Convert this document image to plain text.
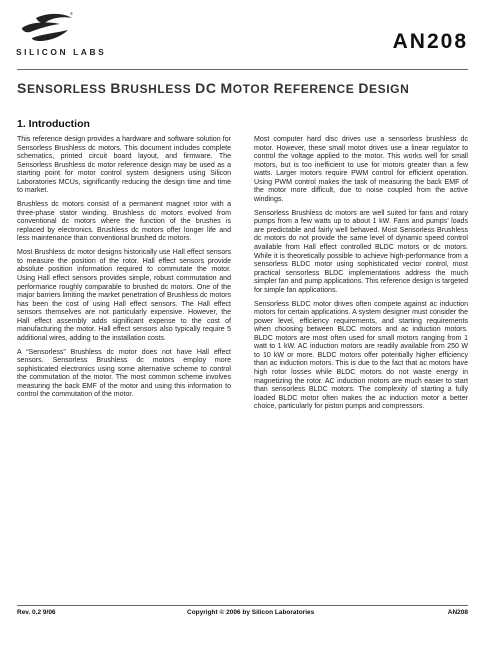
®
SILICON LABS	AN208
SENSORLESS BRUSHLESS DC MOTOR REFERENCE DESIGN
1. Introduction

This reference design provides a hardware and software solution for Sensorless Brushless dc motors. This document includes complete schematics, printed circuit board layout, and firmware. The Sensorless Brushless dc motor reference design may be used as a starting point for motor control system designers using Silicon Laboratories MCUs, significantly reducing the design time and time to market.

Brushless dc motors consist of a permanent magnet rotor with a three-phase stator winding. Brushless dc motors evolved from conventional dc motors where the function of the brushes is replaced by electronics. Brushless dc motors offer longer life and less maintenance than conventional brushed dc motors.

Most Brushless dc motor designs historically use Hall effect sensors to measure the position of the rotor. Hall effect sensors provide absolute position information required to commutate the motor. Using Hall effect sensors provides simple, robust commutation and performance roughly comparable to brushed dc motors. One of the major barriers limiting the market penetration of Brushless dc motors has been the cost of using Hall effect sensors. The Hall effect sensors themselves are not particularly expensive. However, the Hall effect assembly adds significant expense to the cost of manufacturing the motor. Hall effect sensors also typically require 5 additional wires, adding to the installation costs.

A “Sensorless” Brushless dc motor does not have Hall effect sensors. Sensorless Brushless dc motors employ more sophisticated electronics using some alternative scheme to control the commutation of the motor. The most common scheme involves measuring the back EMF of the motor and using this information to control the commutation of the motor.

Most computer hard disc drives use a sensorless brushless dc motor. However, these small motor drives use a linear regulator to control the voltage applied to the motor. This works well for small motors, but is too inefficient to use for motors greater than a few watts. Larger motors require PWM control for efficient operation. Using PWM control makes the task of measuring the back EMF of the motor more difficult, due to noise coupled from the active windings.

Sensorless Brushless dc motors are well suited for fans and rotary pumps from a few watts up to about 1 kW. Fans and pumps’ loads are predictable and fairly well behaved. Most Sensorless Brushless dc motors do not provide the same level of dynamic speed control available from Hall effect controlled BLDC motors or dc motors. While it is theoretically possible to achieve high-performance from a sensorless BLDC motor using sophisticated vector control, most practical sensorless BLDC implementations address the much simpler fan and pump applications. This reference design is targeted for simple fan applications.

Sensorless BLDC motor drives often compete against ac induction motors for certain applications. A system designer must consider the power level, efficiency requirements, and starting requirements when choosing between BLDC motors and ac induction motors. BLDC motors are most often used for small motors ranging from 1 watt to 1 kW. AC induction motors are readily available from 250 W to 10 kW or more. BLDC motors offer potentially higher efficiency than ac induction motors. This is due to the fact that ac motors have high rotor losses while BLDC motors do not waste energy in magnetizing the rotor. AC induction motors are much easier to start than sensorless BLDC motors. The complexity of starting a fully loaded BLDC motor often makes the ac induction motor a better choice, particularly for piston pumps and compressors.

Rev. 0.2 9/06	Copyright © 2006 by Silicon Laboratories	AN208
